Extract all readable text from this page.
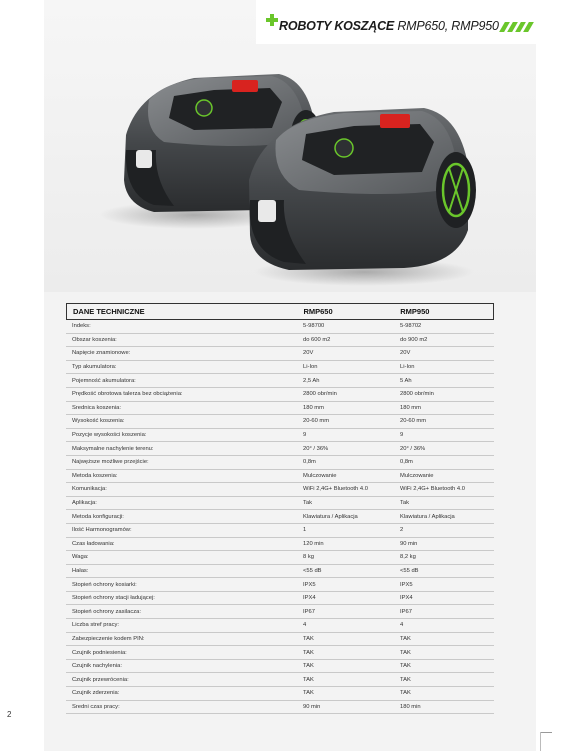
ROBOTY KOSZĄCE RMP650, RMP950
DANE TECHNICZNE	RMP650	RMP950
Indeks:	5-98700	5-98702
Obszar koszenia:	do 600 m2	do 900 m2
Napięcie znamionowe:	20V	20V
Typ akumulatora:	Li-Ion	Li-Ion
Pojemność akumulatora:	2,5 Ah	5 Ah
Prędkość obrotowa talerza bez obciążenia:	2800 obr/min	2800 obr/min
Średnica koszenia:	180 mm	180 mm
Wysokość koszenia:	20-60 mm	20-60 mm
Pozycje wysokości koszenia:	9	9
Maksymalne nachylenie terenu:	20° / 36%	20° / 36%
Najwęższe możliwe przejście:	0,8m	0,8m
Metoda koszenia:	Mulczowanie	Mulczowanie
Komunikacja:	WiFi 2,4G+ Bluetooth 4.0	WiFi 2,4G+ Bluetooth 4.0
Aplikacja:	Tak	Tak
Metoda konfiguracji:	Klawiatura / Aplikacja	Klawiatura / Aplikacja
Ilość Harmonogramów:	1	2
Czas ładowania:	120 min	90 min
Waga:	8 kg	8,2 kg
Hałas:	<55 dB	<55 dB
Stopień ochrony kosiarki:	IPX5	IPX5
Stopień ochrony stacji ładującej:	IPX4	IPX4
Stopień ochrony zasilacza:	IP67	IP67
Liczba stref pracy:	4	4
Zabezpieczenie kodem PIN:	TAK	TAK
Czujnik podniesienia:	TAK	TAK
Czujnik nachylenia:	TAK	TAK
Czujnik przewrócenia:	TAK	TAK
Czujnik zderzenia:	TAK	TAK
Średni czas pracy:	90 min	180 min
2
